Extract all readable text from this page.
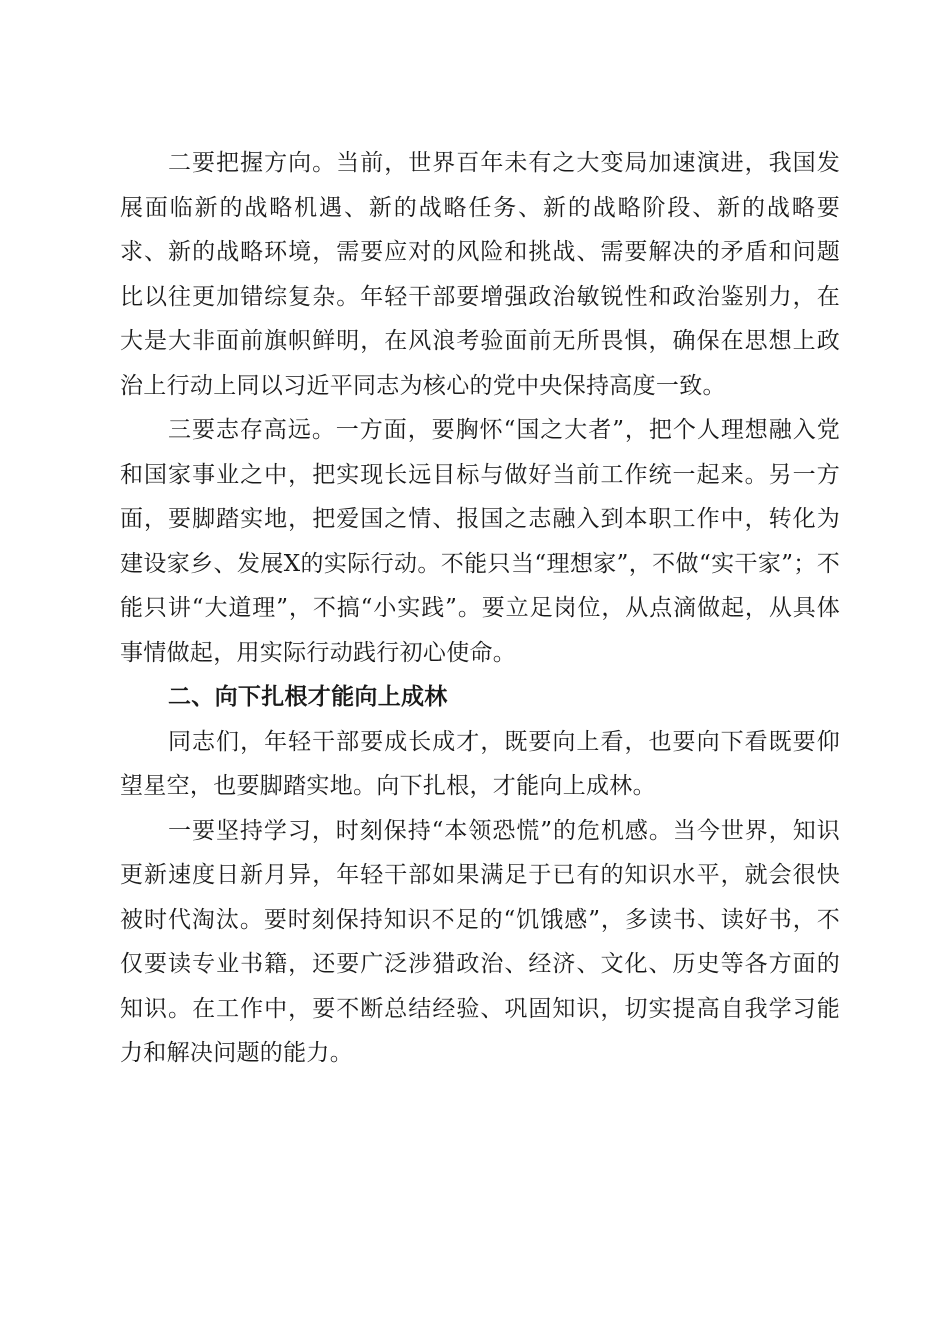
二要把握方向。当前，世界百年未有之大变局加速演进，我国发展面临新的战略机遇、新的战略任务、新的战略阶段、新的战略要求、新的战略环境，需要应对的风险和挑战、需要解决的矛盾和问题比以往更加错综复杂。年轻干部要增强政治敏锐性和政治鉴别力，在大是大非面前旗帜鲜明，在风浪考验面前无所畏惧，确保在思想上政治上行动上同以习近平同志为核心的党中央保持高度一致。

三要志存高远。一方面，要胸怀“国之大者”，把个人理想融入党和国家事业之中，把实现长远目标与做好当前工作统一起来。另一方面，要脚踏实地，把爱国之情、报国之志融入到本职工作中，转化为建设家乡、发展X的实际行动。不能只当“理想家”，不做“实干家”；不能只讲“大道理”，不搞“小实践”。要立足岗位，从点滴做起，从具体事情做起，用实际行动践行初心使命。

二、向下扎根才能向上成林

同志们，年轻干部要成长成才，既要向上看，也要向下看既要仰望星空，也要脚踏实地。向下扎根，才能向上成林。

一要坚持学习，时刻保持“本领恐慌”的危机感。当今世界，知识更新速度日新月异，年轻干部如果满足于已有的知识水平，就会很快被时代淘汰。要时刻保持知识不足的“饥饿感”，多读书、读好书，不仅要读专业书籍，还要广泛涉猎政治、经济、文化、历史等各方面的知识。在工作中，要不断总结经验、巩固知识，切实提高自我学习能力和解决问题的能力。
